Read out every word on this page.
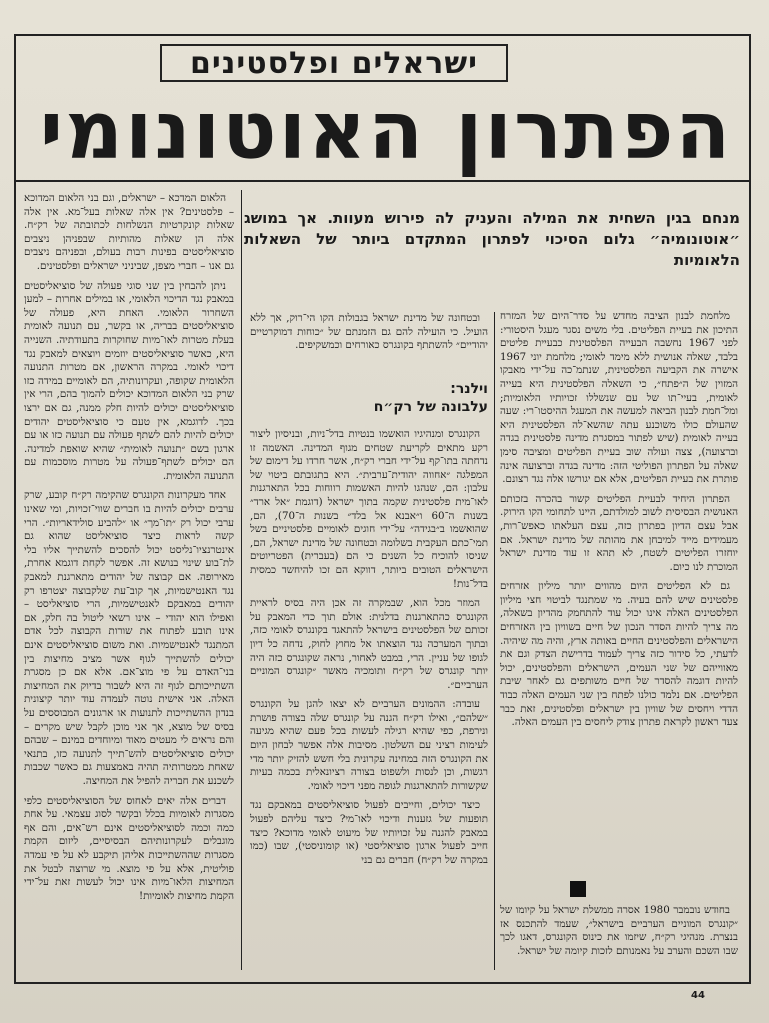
ישראלים ופלסטינים
הפתרון האוטונומי
מנחם בגין השחית את המילה והעניק לה פירוש מעוות. אך במושג ״אוטונומיה״ גלום הסיכוי לפתרון המתקדם ביותר של השאלות הלאומיות

מלחמת לבנון הציבה מחדש על סדר־היום של המזרח התיכון את בעיית הפליטים. בלי משים נסגר מעגל היסטורי: לפני 1967 נחשבה הבעייה הפלסטינית כבעיית פליטים בלבד, שאלה אנושית ללא מימד לאומי; מלחמת יוני 1967 אישרה את הקביעה הפלסטינית, שנתמ־כה על־ידי מאבקו המזוין של ה״פתח״, כי השאלה הפלסטינית היא בעייה לאומית, בעיי־תו של עם שנשללו זכויותיו הלאומיות; ומל־חמת לבנון הביאה למעשה את המעגל ההיסטו־רי: שעה שהעולם כולו משוכנע עתה שהשא־לה הפלסטינית היא בעייה לאומית (שיש לפתור במסגרת מדינה פלסטינית בגדה וברצועה), צצה ועולה שוב בעיית הפליטים ומציבה סימן שאלה על הפתרון הפוליטי הזה: מדינה בגדה וברצועה אינה פותרת את בעיית הפליטים, אלא אם יגורשו אלה נגד רצונם.

הפתרון היחיד לבעיית הפליטים קשור בהכרה בזכותם האנושית הבסיסית לשוב למולדתם, היינו לתחומי הקו הירוק. אבל עצם הדיון בפתרון כזה, עצם העלאתו כאפש־רות, מעמידים מייד למיבחן את מהותה של מדינת ישראל. אם יוחזרו הפליטים לשטח, לא תהא זו עוד מדינת ישראל המוכרת לנו כיום.

גם לא הפליטים היום מהווים יותר מיליון אזרחים פלסטינים שיש להם בעיה. מי שמתנגד לביטוי חצי מיליון הפלסטינים האלה אינו יכול עוד להתחמק מהדיון בשאלה, מה צריך להיות הסדר הנכון של חיים בשוויון בין האזרחים הישראלים והפלסטינים החיים באותה ארץ, והיה מה שיהיה. לדעתי, כל סידור כזה צריך לעמוד בדרישת הצדק וגם את מאווייהם של שני העמים, הישראלים והפלסטינים, יכול להיות דוגמה להסדר של חיים משותפים גם לאחר שיבת הפליטים. אם נלמד כולנו לפתח בין שני העמים האלה כבוד הדדי ויחסים של שוויון בין ישראלים ופלסטינים, זאת כבר צעד ראשון לקראת פתרון צודק ליחסים בין העמים האלה.

בחודש נובמבר 1980 אסרה ממשלת ישראל על קיומו של ״קונגרס המוניים הערביים בישראל״, שעמד להתכנס אז בנצרת. מנהיגי רק״ח, שיזמו את כינוס הקונגרס, דאגו לכך שבו השכם והערב על נאמנותם לזכות קיומה של ישראל.

ובטחונה של מדינת ישראל בגבולות הקו הי־רוק, אך ללא הועיל. כי הועילה להם גם הזמנתם של ״כוחות דמוקרטיים יהודיים״ להשתתף בקונגרס כאורחים וכמשקיפים.

וילנר:
עלבונה של רק״ח

הקונגרס ומנהיגיו הואשמו בנטיות בדל־ניות, ובניסיון ליצור רקע מתאים לקריעת שטחים מגוף המדינה. האשמה זו נדחתה בתו־קף על־ידי חברי רק״ח, אשר חרדו על דימום של המפלגה ״אחווה יהודית־ערבית״. היא בתגובתם ביטוי של עלבון: הם, שנהגו להיות האשמות רווחות בכל התארגנות לאו־מית פלסטינית שקמה בתוך ישראל (דוגמת ״אל ארד״ בשנות ה־60 ו״אבנא אל בלד״ בשנות ה־70), הם, שהואשמו ב״בגידה״ על־ידי חוגים לאומיים פלסטיניים בשל תמי־כתם העקבית בשלומה ובטחונה של מדינת ישראל, הם, שניסו להוכיח כל השנים כי הם (בעברית) הפטריוטים הישראלים הטובים ביותר, דווקא הם זכו להיחשד כמסית בדל־נות!

המוזר מכל הוא, שבמקרה זה אכן היה בסיס לראיית הקונגרס כהתארגנות בדלנית: אולם תוך כדי המאבק על זכותם של הפלסטינים בישראל להתאגד בקונגרס לאומי כזה, ובתוך המערכה נגד הוצאתו אל מחוץ לחוק, נדחה כל דיון לגופו של עניין. הרי, במבט לאחור, נראה שקונגרס כזה היה יותר קונגרס של רק״ח ותומכיה מאשר ״קונגרס המוניים הערביים״.

עובדה: ההמונים הערביים לא יצאו להגן על הקונגרס ״שלהם״, ואילו רק״ח הגנה על קונגרס שלה בצורה פושרת ונירפת, כפי שהיא רגילה לעשות בכל פעם שהיא מגיעה לעימות רציני עם השלטון. מסיבות אלה אפשר לבחון היום את הקונגרס הזה במחינה עקרונית בלי חשש להזיק יותר מדי רגשות, וכן לנסות ולשפוט בצורה רציונאלית בכמה בעיות שקשורות להתארגנות לגופה מפני דיכוי לאומי.

כיצד יכולים, וחייבים לפעול סוציאליסטים במאבקם נגד תופעות של גזענות ודיכוי לאו־מי? כיצד עליהם לפעול במאבק להגנה על זכויותיו של מיעוט לאומי מדוכא? כיצד חייב לפעול ארגון סוציאליסטי (או קומוניסטי), שבו (כמו במקרה של רק״ח) חברים גם בני

הלאום המדכא – ישראלים, וגם בני הלאום המדוכא – פלסטינים? אין אלה שאלות בעל־מא. אין אלה שאלות קונקרטיות הנשלחות לכתובתה של רק״ח. אלה הן שאלות מהותיות שבפניהן ניצבים סוציאליסטים בפינות רבות בעולם, ובפניהם ניצבים גם אנו – חברי מצפן, שביניני ישראלים ופלסטינים.

ניתן להבחין בין שני סוגי פעולה של סוציאליסטים במאבק נגד הדיכוי הלאומי, או במילים אחרות – למען השחרור הלאומי. האחת היא, פעולה של סוציאליסטים בבריה, או בקשר, עם תנועה לאומית בעלת מטרות לאו־מיות שחוקרות בתעודתיה. השנייה היא, כאשר סוציאליסטים יוזמים ויוצאים למאבק נגד דיכוי לאומי. במקרה הראשון, אם מטרות התנועה הלאומית שקופה, ועקרונותיה, הם לאומיים במידה כזו שרק בני הלאום המדוכא יכולים להמוך בהם, הרי אין סוציאליסטים יכולים להיות חלק ממנה, גם אם ירצו בכך. לדוגמא, אין טעם כי סוציאליסטים יהודים יכולים להיות להם לשתף פעולה עם תנועה כזו או עם ארגון בשם ״תנועה לאומית״ שהיא שואפת למדינה. הם יכולים לשתף־פעולה על מטרות מוסכמות עם התנועה הלאומית.

אחד מעקרונות הקונגרס שהקימה רק״ח קובע, שרק ערבים יכולים להיות בו חברים שווי־זכויות, ומי שאינו ערבי יכול רק ״תו־מך״ או ״להביע סולידאריות״. הרי קשה לראות כיצד סוציאליסט שהוא גם אינטרנציו־נליסט יכול להסכים להשתייך אליו בלי לת־בוע שינוי בנושא זה. אפשר לקחת דוגמא אחרת, מאירופה. אם קבוצה של יהודים מתארגנת למאבק נגד האנטישמיות, אך קוב־עת שלקבוצה יצטרפו רק יהודים במאבקם לאנטישמיות, הרי סוציאליסט – ואפילו הוא יהודי – אינו רשאי ליטול בה חלק, אם אינו תובע לפתוח את שורות הקבוצה לכל אדם המתנגד לאנטישמיות. ואת משום סוציאליסטים אינם יכולים להשתייך לגוף אשר מציב מחיצות בין בני־האדם על פי מוצ־אם. אלא אם כן מסגרת השתייכותם לגוף זה היא לשבור בדיוק את המחיצות האלה. אני אישית נוטה לעמדה עוד יותר קיצונית בנדון ההשתייכות לתנועות או ארגונים המבוססים על בסיס של מוצא, אך אני מוכן לקבל שיש מקרים – והם נראים לי מעטים מאוד ומיוחדים במינם – שבהם יכולים סוציאליסטים להש־תייך לתנועה כזו, בתנאי שאחת ממטרותיה תהיה באמצעות גם כאשר שכבות לשכנע את חבריה להפיל את המחיצה.

דברים אלה יאים לאחוס של הסוציאליסטים כלפי מסגרות לאומיות בכלל ובקשר לסוג עצמאי. על אחת כמה וכמה לסוציאליסטים אינם רש־אים, והם אף מוגבלים לעקרונותיהם הבסיסיים, ליזום הקמת מסגרות שההשתייכות אליהן תיקבע לא על פי עמדה פוליטית, אלא על פי מוצא. מי שרוצה לבטל את המחיצות הלאו־מיות אינו יכול לעשות זאת על־ידי הקמת מחיצות לאומיות!

44
